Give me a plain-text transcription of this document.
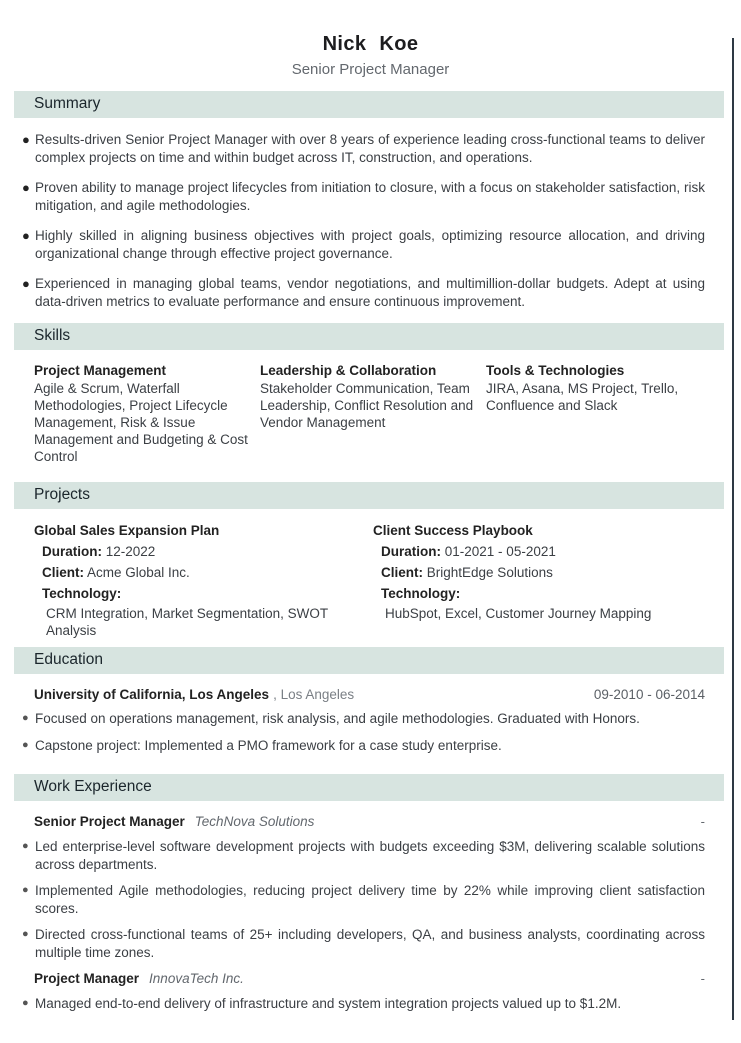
Nick Koe
Senior Project Manager
Summary
● Results-driven Senior Project Manager with over 8 years of experience leading cross-functional teams to deliver complex projects on time and within budget across IT, construction, and operations.
● Proven ability to manage project lifecycles from initiation to closure, with a focus on stakeholder satisfaction, risk mitigation, and agile methodologies.
● Highly skilled in aligning business objectives with project goals, optimizing resource allocation, and driving organizational change through effective project governance.
● Experienced in managing global teams, vendor negotiations, and multimillion-dollar budgets. Adept at using data-driven metrics to evaluate performance and ensure continuous improvement.
Skills
Project Management
Agile & Scrum, Waterfall Methodologies, Project Lifecycle Management, Risk & Issue Management and Budgeting & Cost Control
Leadership & Collaboration
Stakeholder Communication, Team Leadership, Conflict Resolution and Vendor Management
Tools & Technologies
JIRA, Asana, MS Project, Trello, Confluence and Slack
Projects
Global Sales Expansion Plan
Duration: 12-2022
Client: Acme Global Inc.
Technology:
CRM Integration, Market Segmentation, SWOT Analysis
Client Success Playbook
Duration: 01-2021 - 05-2021
Client: BrightEdge Solutions
Technology:
HubSpot, Excel, Customer Journey Mapping
Education
University of California, Los Angeles , Los Angeles	09-2010 - 06-2014
● Focused on operations management, risk analysis, and agile methodologies. Graduated with Honors.
● Capstone project: Implemented a PMO framework for a case study enterprise.
Work Experience
Senior Project Manager TechNova Solutions	-
● Led enterprise-level software development projects with budgets exceeding $3M, delivering scalable solutions across departments.
● Implemented Agile methodologies, reducing project delivery time by 22% while improving client satisfaction scores.
● Directed cross-functional teams of 25+ including developers, QA, and business analysts, coordinating across multiple time zones.
Project Manager InnovaTech Inc.	-
● Managed end-to-end delivery of infrastructure and system integration projects valued up to $1.2M.
